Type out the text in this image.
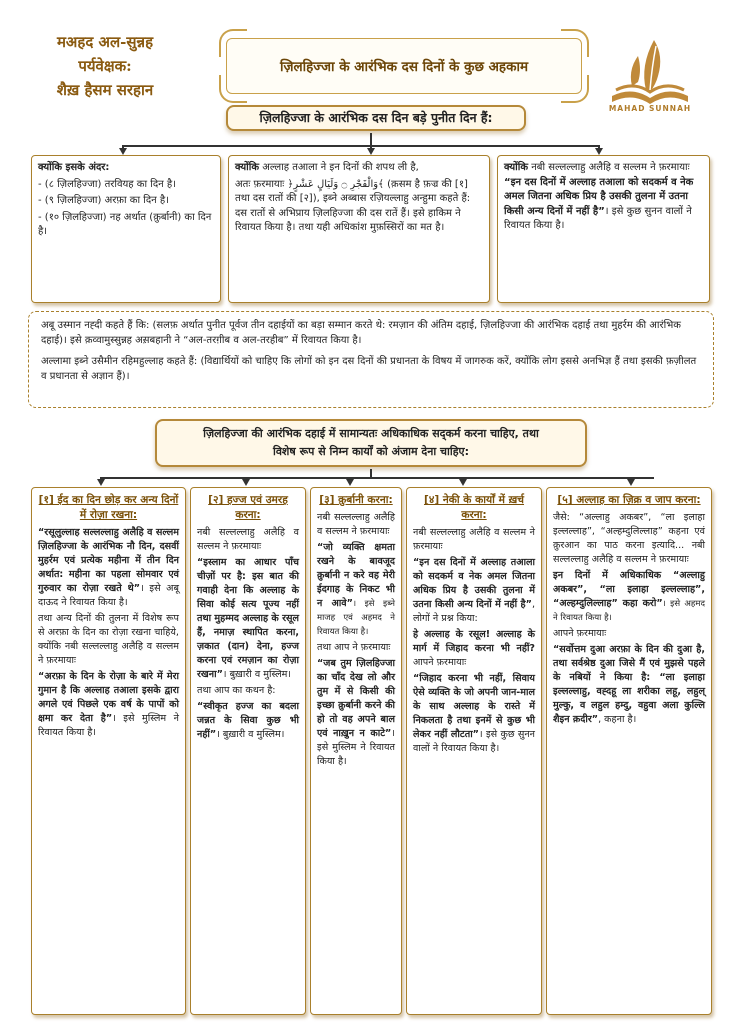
मअहद अल-सुन्नह
पर्यवेक्षक:
शैख़ हैसम सरहान
ज़िलहिज्जा के आरंभिक दस दिनों के कुछ अहकाम
MAHAD SUNNAH
ज़िलहिज्जा के आरंभिक दस दिन बड़े पुनीत दिन हैं:

क्योंकि इसके अंदर:

- (८ ज़िलहिज्जा) तरवियह का दिन है।

- (९ ज़िलहिज्जा) अरफ़ा का दिन है।

- (१० ज़िलहिज्जा) नह अर्थात (क़ुर्बानी) का दिन है।

क्योंकि अल्लाह तआला ने इन दिनों की शपथ ली है,

अतः फ़रमायाः ﴿وَالْفَجْرِ ۝ وَلَيَالٍ عَشْرٍ﴾ (क़सम है फ़ज्र की [१] तथा दस रातों की [२]), इब्ने अब्बास रज़ियल्लाहु अन्हुमा कहते हैं: दस रातों से अभिप्राय ज़िलहिज्जा की दस रातें हैं। इसे हाकिम ने रिवायत किया है। तथा यही अधिकांश मुफ़स्सिरों का मत है।

क्योंकि नबी सल्लल्लाहु अलैहि व सल्लम ने फ़रमायाः “इन दस दिनों में अल्लाह तआला को सदकर्म व नेक अमल जितना अधिक प्रिय है उसकी तुलना में उतना किसी अन्य दिनों में नहीं है”। इसे कुछ सुनन वालों ने रिवायत किया है।

अबू उस्मान नह्दी कहते हैं कि: (सलफ़ अर्थात पुनीत पूर्वज तीन दहाईयों का बड़ा सम्मान करते थे: रमज़ान की अंतिम दहाई, ज़िलहिज्जा की आरंभिक दहाई तथा मुहर्रम की आरंभिक दहाई)। इसे क़व्वामुस्सुन्नह अस़बहानी ने “अल-तरग़ीब व अल-तरहीब” में रिवायत किया है।

अल्लामा इब्ने उसैमीन रहिमहुल्लाह कहते हैं: (विद्यार्थियों को चाहिए कि लोगों को इन दस दिनों की प्रधानता के विषय में जागरुक करें, क्योंकि लोग इससे अनभिज्ञ हैं तथा इसकी फ़ज़ीलत व प्रधानता से अज्ञान हैं)।

ज़िलहिज्जा की आरंभिक दहाई में सामान्यतः अधिकाधिक सद्कर्म करना चाहिए, तथा
विशेष रूप से निम्न कार्यों को अंजाम देना चाहिए:
[१] ईद का दिन छोड़ कर अन्य दिनों में रोज़ा रखना:

“रसूलुल्लाह सल्लल्लाहु अलैहि व सल्लम ज़िलहिज्जा के आरंभिक नौ दिन, दसवीं मुहर्रम एवं प्रत्येक महीना में तीन दिन अर्थात: महीना का पहला सोमवार एवं गुरुवार का रोज़ा रखते थे”। इसे अबू दाऊद ने रिवायत किया है।

तथा अन्य दिनों की तुलना में विशेष रूप से अरफ़ा के दिन का रोज़ा रखना चाहिये, क्योंकि नबी सल्लल्लाहु अलैहि व सल्लम ने फ़रमायाः

“अरफ़ा के दिन के रोज़ा के बारे में मेरा गुमान है कि अल्लाह तआला इसके द्वारा अगले एवं पिछले एक वर्ष के पापों को क्षमा कर देता है”। इसे मुस्लिम ने रिवायत किया है।

[२] हज्ज एवं उमरह करना:

नबी सल्लल्लाहु अलैहि व सल्लम ने फ़रमायाः

“इस्लाम का आधार पाँच चीज़ों पर है: इस बात की गवाही देना कि अल्लाह के सिवा कोई सत्य पूज्य नहीं तथा मुहम्मद अल्लाह के रसूल हैं, नमाज़ स्थापित करना, ज़कात (दान) देना, हज्ज करना एवं रमज़ान का रोज़ा रखना”। बुख़ारी व मुस्लिम।

तथा आप का कथन है:

“स्वीकृत हज्ज का बदला जन्नत के सिवा कुछ भी नहीं”। बुख़ारी व मुस्लिम।

[३] क़ुर्बानी करना:

नबी सल्लल्लाहु अलैहि व सल्लम ने फ़रमायाः

“जो व्यक्ति क्षमता रखने के बावजूद क़ुर्बानी न करे वह मेरी ईदगाह के निकट भी न आवे”। इसे इब्ने माजह एवं अहमद ने रिवायत किया है।

तथा आप ने फ़रमायाः

“जब तुम ज़िलहिज्जा का चाँद देख लो और तुम में से किसी की इच्छा क़ुर्बानी करने की हो तो वह अपने बाल एवं नाख़ुन न काटे”। इसे मुस्लिम ने रिवायत किया है।

[४] नेकी के कार्यों में ख़र्च करना:

नबी सल्लल्लाहु अलैहि व सल्लम ने फ़रमायाः

“इन दस दिनों में अल्लाह तआला को सदकर्म व नेक अमल जितना अधिक प्रिय है उसकी तुलना में उतना किसी अन्य दिनों में नहीं है”, लोगों ने प्रश्न किया:

हे अल्लाह के रसूल! अल्लाह के मार्ग में जिहाद करना भी नहीं? आपने फ़रमायाः

“जिहाद करना भी नहीं, सिवाय ऐसे व्यक्ति के जो अपनी जान-माल के साथ अल्लाह के रास्ते में निकलता है तथा इनमें से कुछ भी लेकर नहीं लौटता”। इसे कुछ सुनन वालों ने रिवायत किया है।

[५] अल्लाह का ज़िक्र व जाप करना:

जैसे: “अल्लाहु अकबर”, “ला इलाहा इल्लल्लाह”, “अल्हम्दुलिल्लाह” कहना एवं क़ुरआन का पाठ करना इत्यादि... नबी सल्लल्लाहु अलैहि व सल्लम ने फ़रमायाः

इन दिनों में अधिकाधिक “अल्लाहु अकबर”, “ला इलाहा इल्लल्लाह”, “अल्हम्दुलिल्लाह” कहा करो”। इसे अहमद ने रिवायत किया है।

आपने फ़रमायाः

“सर्वोत्तम दुआ अरफ़ा के दिन की दुआ है, तथा सर्वश्रेष्ठ दुआ जिसे मैं एवं मुझसे पहले के नबियों ने किया है: “ला इलाहा इल्लल्लाहु, वह्दहू ला शरीका लहू, लहुल् मुल्कु, व लहुल हम्दु, वहुवा अला कुल्लि शैइन क़दीर”, कहना है।
